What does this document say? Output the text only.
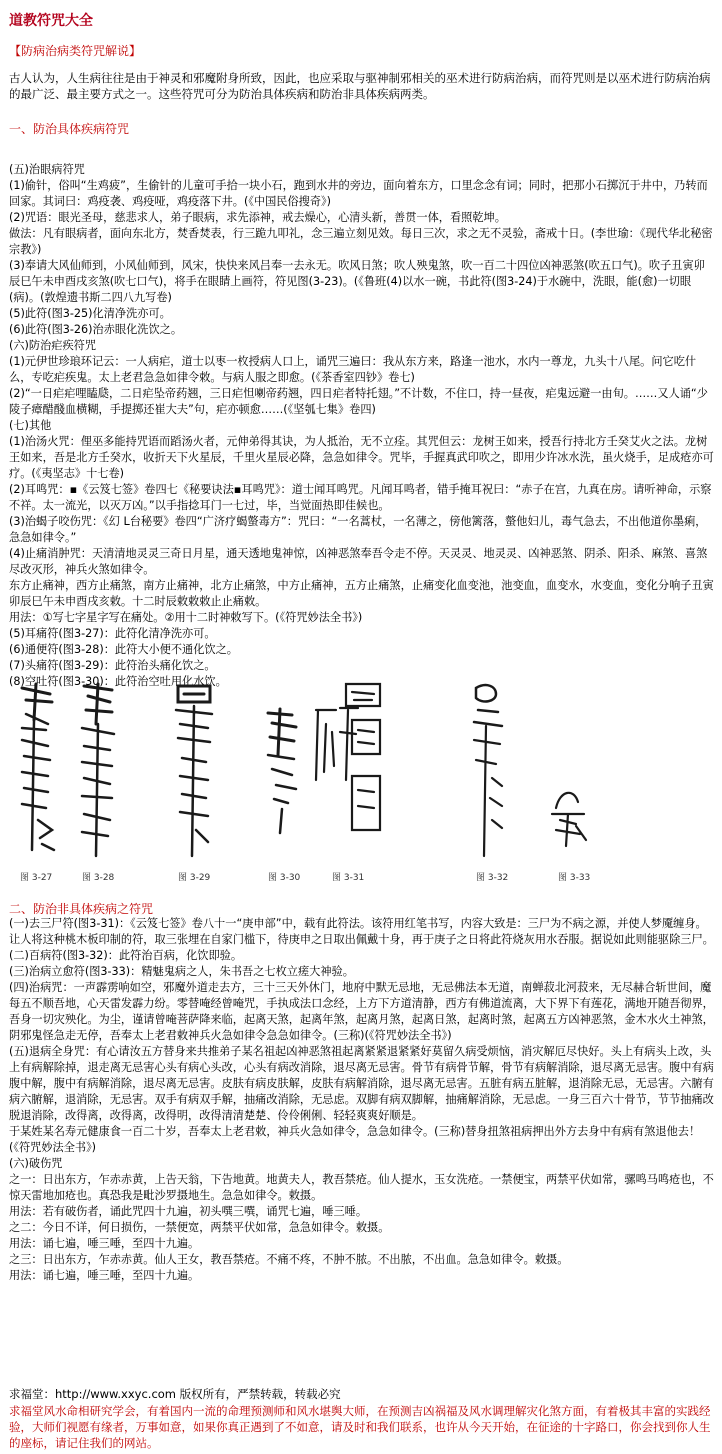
道教符咒大全
【防病治病类符咒解说】
古人认为，人生病往往是由于神灵和邪魔附身所致，因此，也应采取与驱神制邪相关的巫术进行防病治病，而符咒则是以巫术进行防病治病的最广泛、最主要方式之一。这些符咒可分为防治具体疾病和防治非具体疾病两类。
一、防治具体疾病符咒

(五)治眼病符咒

(1)偷针，俗叫“生鸡疲”，生偷针的儿童可手拾一块小石，跑到水井的旁边，面向着东方，口里念念有词；同时，把那小石掷沉于井中，乃转而回家。其词曰：鸡疫袭、鸡疫哑，鸡疫落下井。(《中国民俗搜奇》)

(2)咒语：眼光圣母，慈悲求人，弟子眼病，求先添神，戒去燥心，心清头新，善贯一体，看照乾坤。

做法：凡有眼病者，面向东北方，焚香焚表，行三跪九叩礼，念三遍立刻见效。每日三次，求之无不灵验，斋戒十日。(李世瑜：《现代华北秘密宗教》)

(3)奉请大风仙师到，小风仙师到，风宋，快快来风吕奉一去永无。吹风日煞；吹人殃鬼煞，吹一百二十四位凶神恶煞(吹五口气)。吹子丑寅卯辰巳午未申酉戌亥煞(吹七口气)，将手在眼睛上画符，符见图(3-23)。(《鲁班(4)以水一碗，书此符(图3-24)于水碗中，洗眼，能(愈)一切眼

(病)。(敦煌遗书斯二四八九写卷)

(5)此符(图3-25)化清净洗亦可。

(6)此符(图3-26)治赤眼化洗饮之。

(六)防治疟疾符咒

(1)元伊世珍琅环记云：一人病疟，道士以枣一枚授病人口上，诵咒三遍曰：我从东方来，路逢一池水，水内一尊龙，九头十八尾。问它吃什么，专吃疟疾鬼。太上老君急急如律令敕。与病人服之即愈。(《茶香室四钞》卷七)

(2)“一日疟疟哩瞌瓞，二日疟坠帝药翘，三日疟怛喇帝药翘，四日疟者特托翅。”不计数，不住口，持一昼夜，疟鬼远避一由旬。……又人诵“少陵子瘴醋醆血横糊，手提掷还崔大夫”句，疟亦顿愈……(《坚瓠七集》卷四)

(七)其他

(1)治汤火咒：俚巫多能持咒语而蹈汤火者，元伸弟得其诀，为人抵治，无不立痊。其咒但云：龙树王如来，授吾行持北方壬癸艾火之法。龙树王如来，吾是北方壬癸水，收折天下火星辰，千里火星辰必降，急急如律令。咒毕，手握真武印吹之，即用少许冰水洗，虽火烧手，足成疮亦可疗。(《夷坚志》十七卷)

(2)耳鸣咒：▪《云笈七签》卷四七《秘要诀法▪耳鸣咒》：道士闻耳鸣咒。凡闻耳鸣者，错手掩耳祝曰：“赤子在宫，九真在房。请听神命，示察不祥。太一流光，以灭万凶。”以手指捻耳门一七过，毕，当觉面热即佳候也。

(3)治蝎子咬伤咒：《幻 L台秘要》卷四“广济疗蝎螫毒方”：咒曰：“一名蒿杖，一名薄之，傍他篱落，螫他妇儿，毒气急去，不出他道你墨痢，急急如律令。”

(4)止痛消肿咒：天清清地灵灵三奇日月星，通天透地鬼神惊，凶神恶煞奉吾令走不停。天灵灵、地灵灵、凶神恶煞、阴杀、阳杀、麻煞、喜煞尽改灭形，神兵火煞如律令。

东方止痛神，西方止痛煞，南方止痛神，北方止痛煞，中方止痛神，五方止痛煞，止痛变化血变池，池变血，血变水，水变血，变化分响子丑寅卯辰巳午未申酉戌亥敕。十二时辰敕敕敕止止痛敕。

用法：①写七字星字写在痛处。②用十二时神敕写下。(《符咒妙法全书》)

(5)耳痛符(图3-27)：此符化清净洗亦可。

(6)通便符(图3-28)：此符大小便不通化饮之。

(7)头痛符(图3-29)：此符治头痛化饮之。

(8)空吐符(图3-30)：此符治空吐用化水饮。

图 3-27	图 3-28	图 3-29	图 3-30	图 3-31	图 3-32	图 3-33
二、防治非具体疾病之符咒

(一)去三尸符(图3-31)：《云笈七签》卷八十一“庚申部”中，载有此符法。该符用红笔书写，内容大致是：三尸为不病之源，并使人梦魇缠身。让人将这种桃木板印制的符，取三张埋在自家门槛下，待庚申之日取出佩戴十身，再于庚子之日将此符烧灰用水吞服。据说如此则能驱除三尸。

(二)百病符(图3-32)：此符治百病，化饮即验。

(三)治病立愈符(图3-33)：精魅鬼病之人，朱书吾之七枚立瘥大神验。

(四)治病咒：一声霹雳响如空，邪魔外道走去方，三十三天外休门，地府中默无忌地，无忌佛法本无道，南蝉菽北河菽来，无尽赫合斩世间，魔每五不顺吾地，心天雷发霹力纷。零替唵经曾唵咒，手执成法口念经，上方下方道清静，西方有佛道流离，大下界下有莲花，满地开随吾彻界，吾身一切灾殃化。为尘，谨请曾唵菩萨降来临，起离天煞，起离年煞，起离月煞，起离日煞，起离时煞，起离五方凶神恶煞，金木水火土神煞，阴邪鬼怪急走无停，吾奉太上老君敕神兵火急如律令急急如律令。(三称)(《符咒妙法全书》)

(五)退病全身咒：有心请汝五方替身来共推弟子某名祖起凶神恶煞祖起离紧紧退紧紧好莫留久病受烦恼，消灾解厄尽快好。头上有病头上改，头上有病解除掉，退走离无忌害心头有病心头改，心头有病改消除，退尽离无忌害。骨节有病骨节解，骨节有病解消除，退尽离无忌害。腹中有病腹中解，腹中有病解消除，退尽离无忌害。皮肤有病皮肤解，皮肤有病解消除，退尽离无忌害。五脏有病五脏解，退消除无忌，无忌害。六腑有病六腑解，退消除，无忌害。双手有病双手解，抽痛改消除，无忌虑。双脚有病双脚解，抽痛解消除，无忌虑。一身三百六十骨节，节节抽痛改脱退消除，改得离，改得离，改得明，改得清清楚楚、伶伶俐俐、轻轻爽爽好顺是。

于某姓某名寿元健康食一百二十岁，吾奉太上老君敕，神兵火急如律令，急急如律令。(三称)替身扭煞祖病押出外方去身中有病有煞退他去！(《符咒妙法全书》)

(六)破伤咒

之一：日出东方，乍赤赤黄，上告天翁，下告地黄。地黄夫人，教吾禁疮。仙人提水，玉女洗疮。一禁便宝，两禁平伏如常，骡鸣马鸣疮也，不惊天雷地加疮也。真恐我是毗沙罗摄地生。急急如律令。敕摄。

用法：若有破伤者，诵此咒四十九遍，初头噀三噀，诵咒七遍，唾三唾。

之二：今日不详，何日损伤，一禁便宽，两禁平伏如常，急急如律令。敕摄。

用法：诵七遍，唾三唾，至四十九遍。

之三：日出东方，乍赤赤黄。仙人王女，教吾禁疮。不痛不疼，不肿不脓。不出脓，不出血。急急如律令。敕摄。

用法：诵七遍，唾三唾，至四十九遍。

求福堂：http://www.xxyc.com 版权所有，严禁转载，转载必究
求福堂风水命相研究学会，有着国内一流的命理预测师和风水堪舆大师，在预测吉凶祸福及风水调理解灾化煞方面，有着极其丰富的实践经验，大师们视愿有缘者，万事如意，如果你真正遇到了不如意，请及时和我们联系，也许从今天开始，在征途的十字路口，你会找到你人生的座标，请记住我们的网站。
